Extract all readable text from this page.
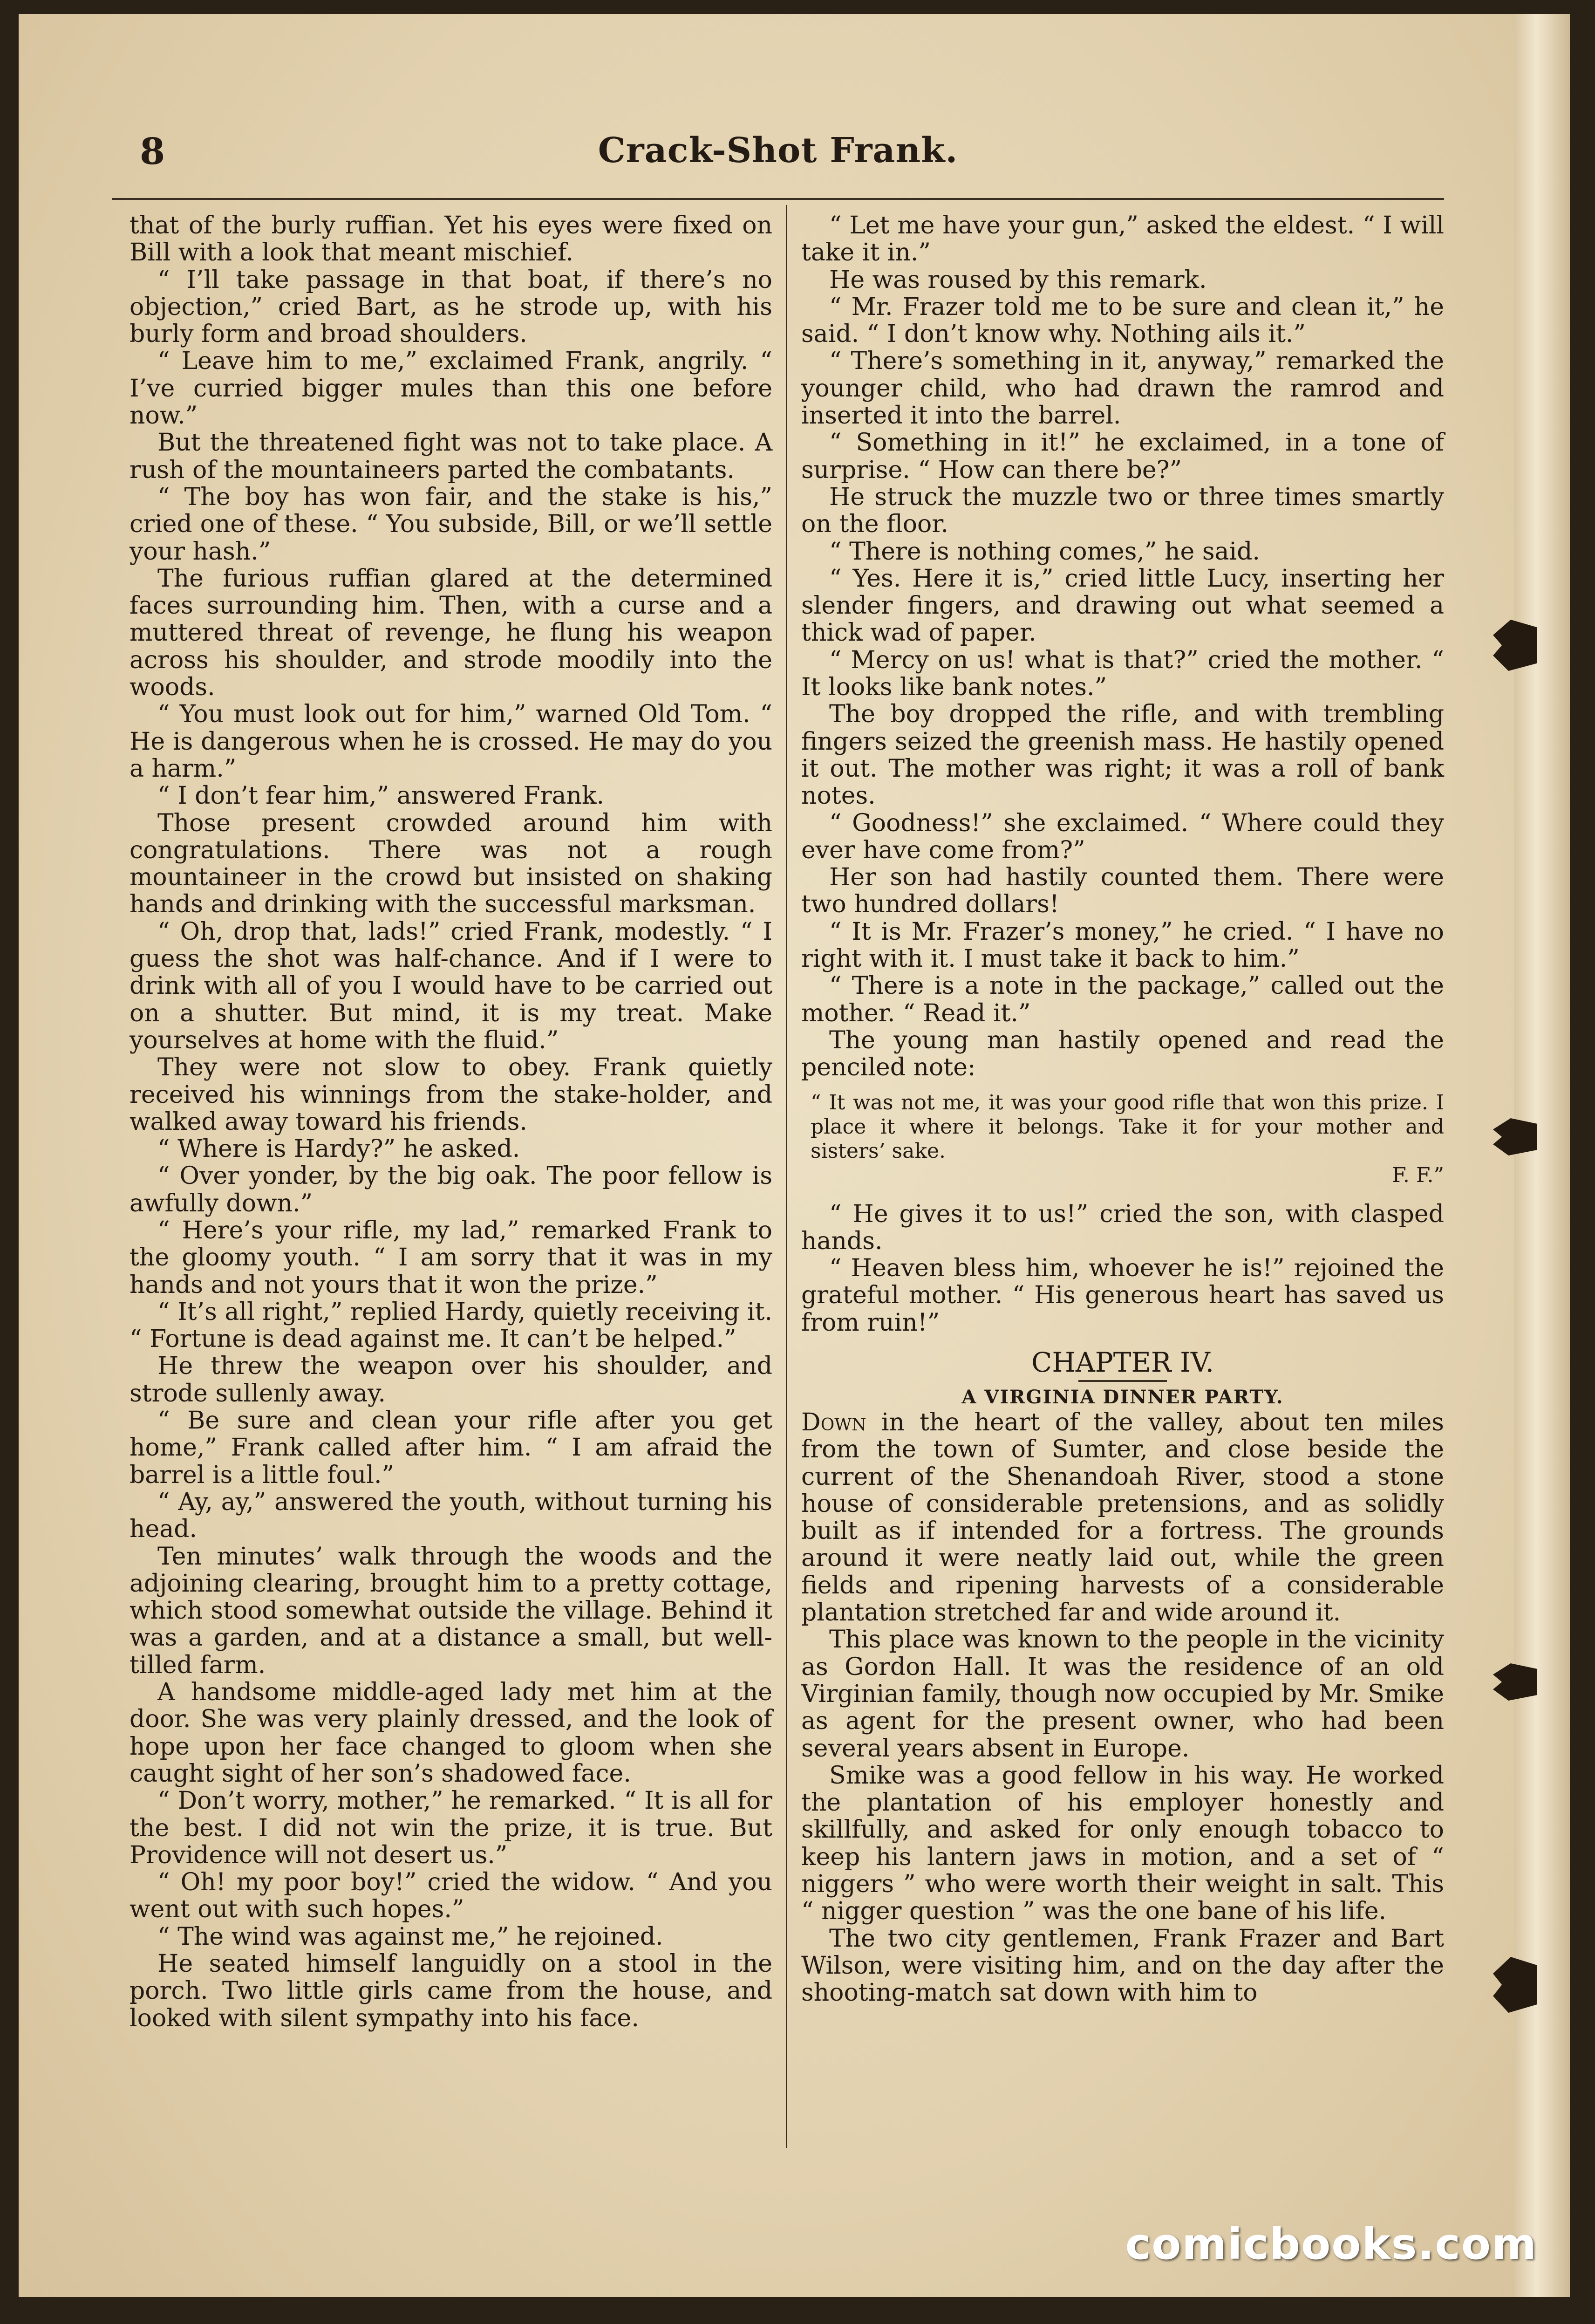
8	Crack-Shot Frank.

that of the burly ruffian. Yet his eyes were fixed on Bill with a look that meant mischief.

“ I’ll take passage in that boat, if there’s no objection,” cried Bart, as he strode up, with his burly form and broad shoulders.

“ Leave him to me,” exclaimed Frank, angrily. “ I’ve curried bigger mules than this one before now.”

But the threatened fight was not to take place. A rush of the mountaineers parted the combatants.

“ The boy has won fair, and the stake is his,” cried one of these. “ You subside, Bill, or we’ll settle your hash.”

The furious ruffian glared at the determined faces surrounding him. Then, with a curse and a muttered threat of revenge, he flung his weapon across his shoulder, and strode moodily into the woods.

“ You must look out for him,” warned Old Tom. “ He is dangerous when he is crossed. He may do you a harm.”

“ I don’t fear him,” answered Frank.

Those present crowded around him with congratulations. There was not a rough mountaineer in the crowd but insisted on shaking hands and drinking with the successful marksman.

“ Oh, drop that, lads!” cried Frank, modestly. “ I guess the shot was half-chance. And if I were to drink with all of you I would have to be carried out on a shutter. But mind, it is my treat. Make yourselves at home with the fluid.”

They were not slow to obey. Frank quietly received his winnings from the stake-holder, and walked away toward his friends.

“ Where is Hardy?” he asked.

“ Over yonder, by the big oak. The poor fellow is awfully down.”

“ Here’s your rifle, my lad,” remarked Frank to the gloomy youth. “ I am sorry that it was in my hands and not yours that it won the prize.”

“ It’s all right,” replied Hardy, quietly receiving it. “ Fortune is dead against me. It can’t be helped.”

He threw the weapon over his shoulder, and strode sullenly away.

“ Be sure and clean your rifle after you get home,” Frank called after him. “ I am afraid the barrel is a little foul.”

“ Ay, ay,” answered the youth, without turning his head.

Ten minutes’ walk through the woods and the adjoining clearing, brought him to a pretty cottage, which stood somewhat outside the village. Behind it was a garden, and at a distance a small, but well-tilled farm.

A handsome middle-aged lady met him at the door. She was very plainly dressed, and the look of hope upon her face changed to gloom when she caught sight of her son’s shadowed face.

“ Don’t worry, mother,” he remarked. “ It is all for the best. I did not win the prize, it is true. But Providence will not desert us.”

“ Oh! my poor boy!” cried the widow. “ And you went out with such hopes.”

“ The wind was against me,” he rejoined.

He seated himself languidly on a stool in the porch. Two little girls came from the house, and looked with silent sympathy into his face.

“ Let me have your gun,” asked the eldest. “ I will take it in.”

He was roused by this remark.

“ Mr. Frazer told me to be sure and clean it,” he said. “ I don’t know why. Nothing ails it.”

“ There’s something in it, anyway,” remarked the younger child, who had drawn the ramrod and inserted it into the barrel.

“ Something in it!” he exclaimed, in a tone of surprise. “ How can there be?”

He struck the muzzle two or three times smartly on the floor.

“ There is nothing comes,” he said.

“ Yes. Here it is,” cried little Lucy, inserting her slender fingers, and drawing out what seemed a thick wad of paper.

“ Mercy on us! what is that?” cried the mother. “ It looks like bank notes.”

The boy dropped the rifle, and with trembling fingers seized the greenish mass. He hastily opened it out. The mother was right; it was a roll of bank notes.

“ Goodness!” she exclaimed. “ Where could they ever have come from?”

Her son had hastily counted them. There were two hundred dollars!

“ It is Mr. Frazer’s money,” he cried. “ I have no right with it. I must take it back to him.”

“ There is a note in the package,” called out the mother. “ Read it.”

The young man hastily opened and read the penciled note:

“ It was not me, it was your good rifle that won this prize. I place it where it belongs. Take it for your mother and sisters’ sake.
F. F.”

“ He gives it to us!” cried the son, with clasped hands.

“ Heaven bless him, whoever he is!” rejoined the grateful mother. “ His generous heart has saved us from ruin!”

CHAPTER IV.
A VIRGINIA DINNER PARTY.

Down in the heart of the valley, about ten miles from the town of Sumter, and close beside the current of the Shenandoah River, stood a stone house of considerable pretensions, and as solidly built as if intended for a fortress. The grounds around it were neatly laid out, while the green fields and ripening harvests of a considerable plantation stretched far and wide around it.

This place was known to the people in the vicinity as Gordon Hall. It was the residence of an old Virginian family, though now occupied by Mr. Smike as agent for the present owner, who had been several years absent in Europe.

Smike was a good fellow in his way. He worked the plantation of his employer honestly and skillfully, and asked for only enough tobacco to keep his lantern jaws in motion, and a set of “ niggers ” who were worth their weight in salt. This “ nigger question ” was the one bane of his life.

The two city gentlemen, Frank Frazer and Bart Wilson, were visiting him, and on the day after the shooting-match sat down with him to

comicbooks.com
